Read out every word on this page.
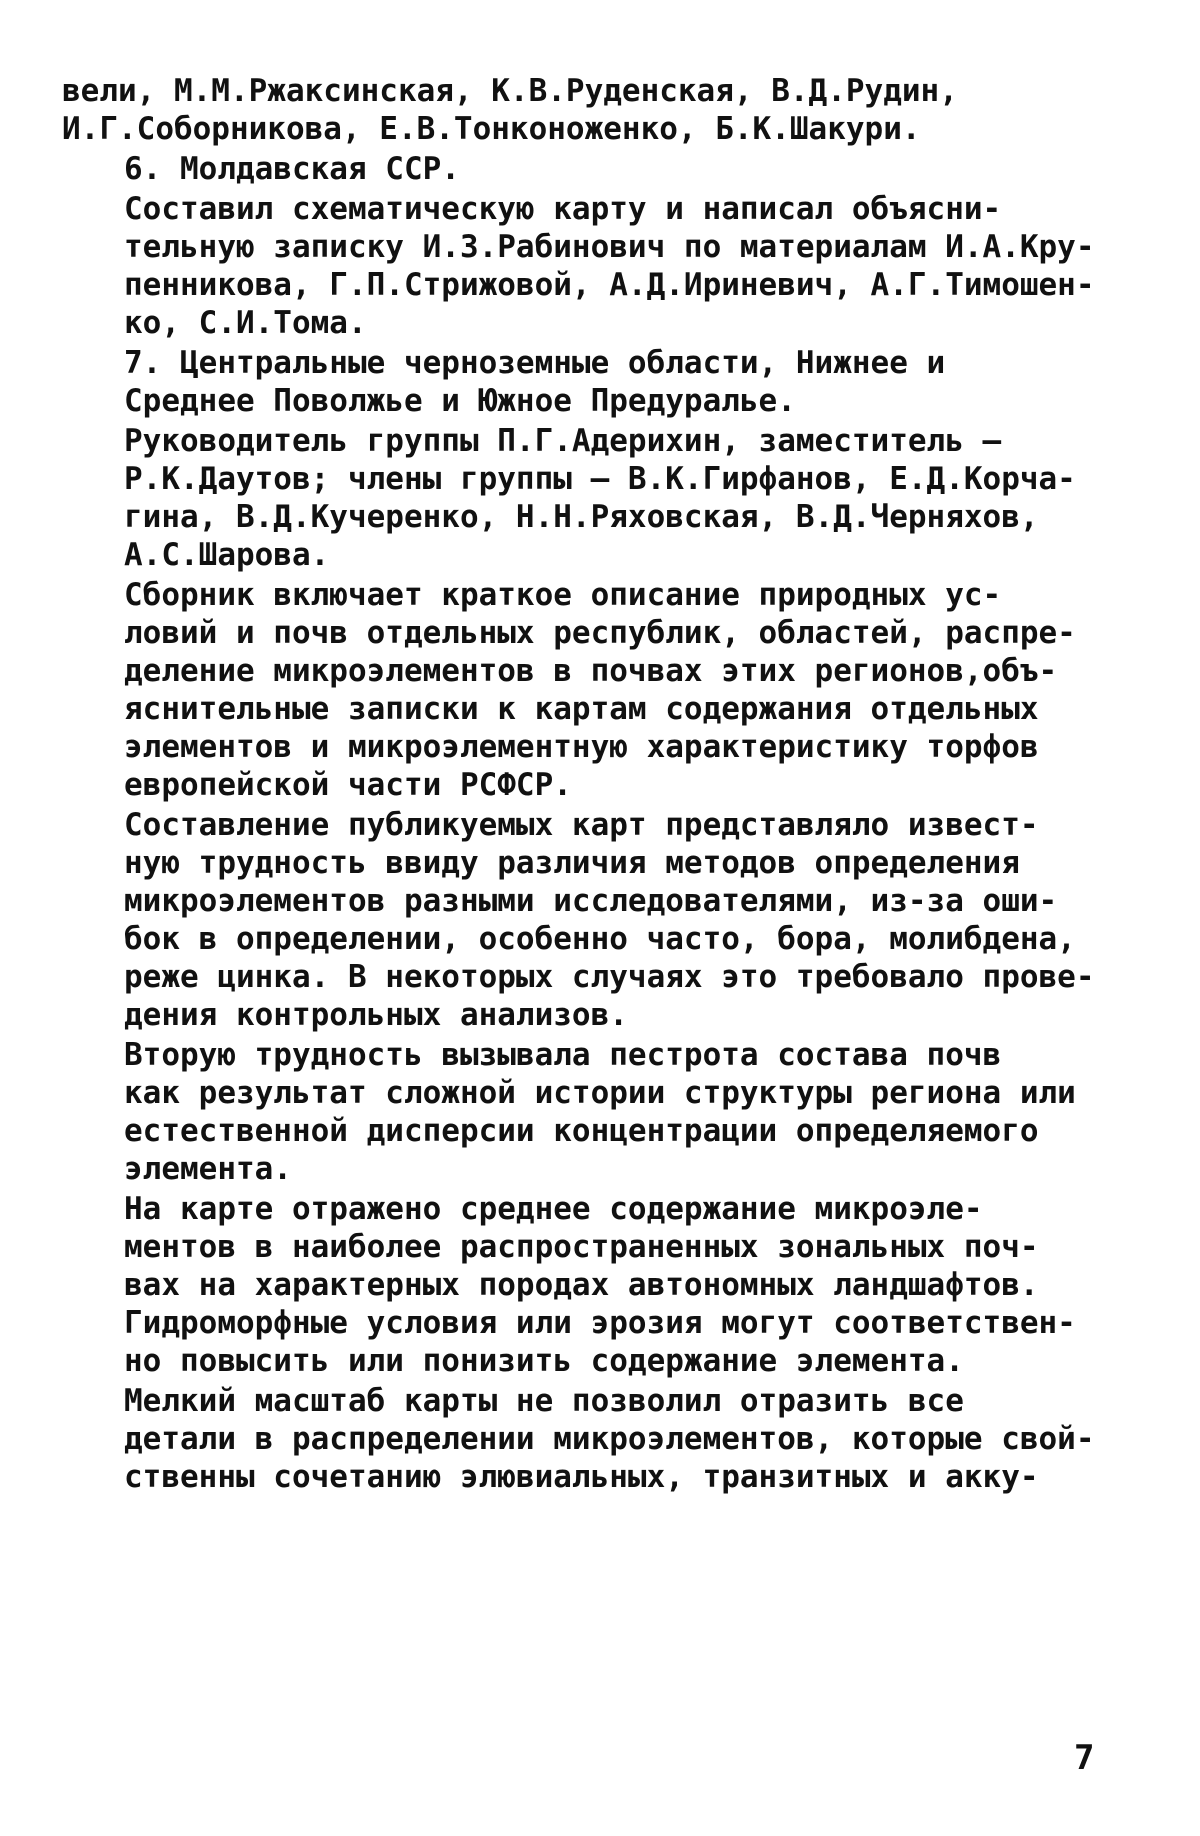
вели, М.М.Ржаксинская, К.В.Руденская, В.Д.Рудин,
И.Г.Соборникова, Е.В.Тонконоженко, Б.К.Шакури.
6. Молдавская ССР.
Составил схематическую карту и написал объясни-
тельную записку И.З.Рабинович по материалам И.А.Кру-
пенникова, Г.П.Стрижовой, А.Д.Ириневич, А.Г.Тимошен-
ко, С.И.Тома.
7. Центральные черноземные области, Нижнее и
Среднее Поволжье и Южное Предуралье.
Руководитель группы П.Г.Адерихин, заместитель –
Р.К.Даутов; члены группы – В.К.Гирфанов, Е.Д.Корча-
гина, В.Д.Кучеренко, Н.Н.Ряховская, В.Д.Черняхов,
А.С.Шарова.
Сборник включает краткое описание природных ус-
ловий и почв отдельных республик, областей, распре-
деление микроэлементов в почвах этих регионов,объ-
яснительные записки к картам содержания отдельных
элементов и микроэлементную характеристику торфов
европейской части РСФСР.
Составление публикуемых карт представляло извест-
ную трудность ввиду различия методов определения
микроэлементов разными исследователями, из-за оши-
бок в определении, особенно часто, бора, молибдена,
реже цинка. В некоторых случаях это требовало прове-
дения контрольных анализов.
Вторую трудность вызывала пестрота состава почв
как результат сложной истории структуры региона или
естественной дисперсии концентрации определяемого
элемента.
На карте отражено среднее содержание микроэле-
ментов в наиболее распространенных зональных поч-
вах на характерных породах автономных ландшафтов.
Гидроморфные условия или эрозия могут соответствен-
но повысить или понизить содержание элемента.
Мелкий масштаб карты не позволил отразить все
детали в распределении микроэлементов, которые свой-
ственны сочетанию элювиальных, транзитных и акку-
7
